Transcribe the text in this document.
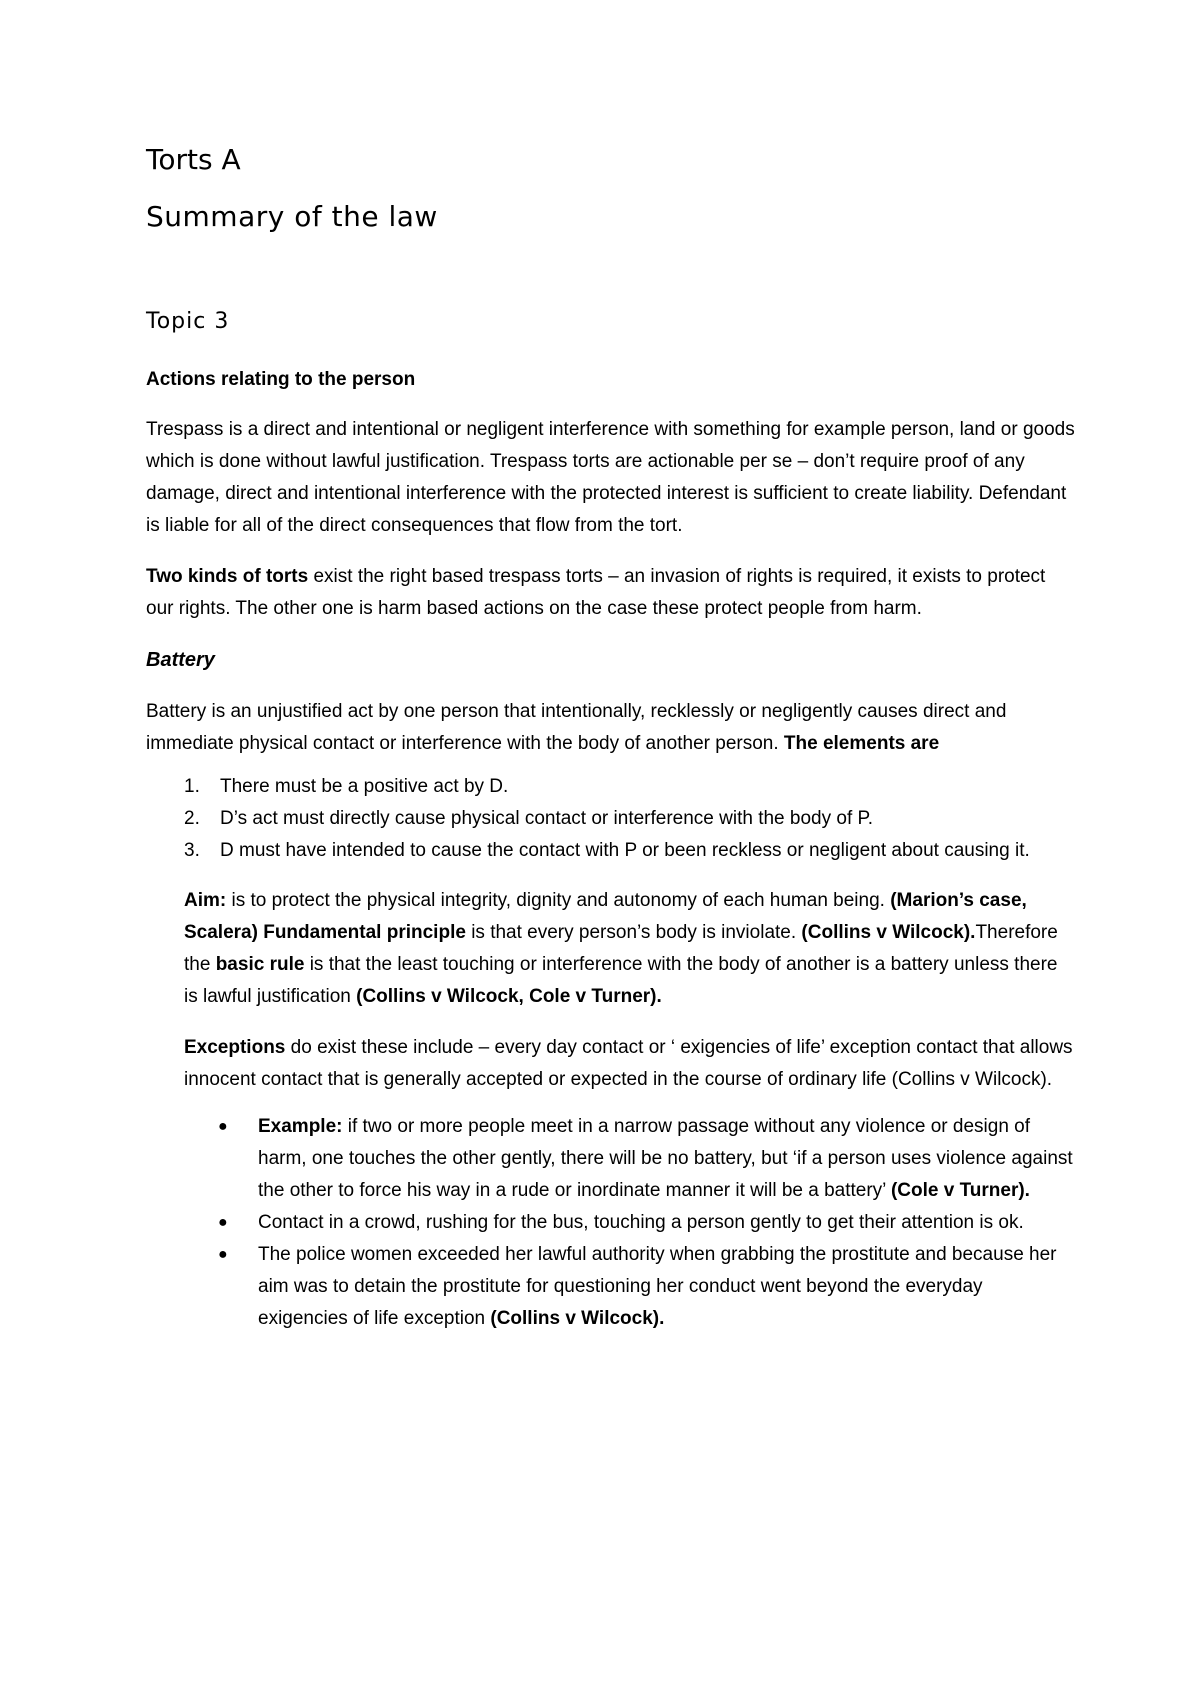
Torts A
Summary of the law
Topic 3

Actions relating to the person

Trespass is a direct and intentional or negligent interference with something for example person, land or goods which is done without lawful justification. Trespass torts are actionable per se – don’t require proof of any damage, direct and intentional interference with the protected interest is sufficient to create liability. Defendant is liable for all of the direct consequences that flow from the tort.

Two kinds of torts exist the right based trespass torts – an invasion of rights is required, it exists to protect our rights. The other one is harm based actions on the case these protect people from harm.

Battery

Battery is an unjustified act by one person that intentionally, recklessly or negligently causes direct and immediate physical contact or interference with the body of another person. The elements are

1. There must be a positive act by D.
2. D’s act must directly cause physical contact or interference with the body of P.
3. D must have intended to cause the contact with P or been reckless or negligent about causing it.

Aim: is to protect the physical integrity, dignity and autonomy of each human being. (Marion’s case, Scalera) Fundamental principle is that every person’s body is inviolate. (Collins v Wilcock).Therefore the basic rule is that the least touching or interference with the body of another is a battery unless there is lawful justification (Collins v Wilcock, Cole v Turner).

Exceptions do exist these include – every day contact or ‘ exigencies of life’ exception contact that allows innocent contact that is generally accepted or expected in the course of ordinary life (Collins v Wilcock).

● Example: if two or more people meet in a narrow passage without any violence or design of harm, one touches the other gently, there will be no battery, but ‘if a person uses violence against the other to force his way in a rude or inordinate manner it will be a battery’ (Cole v Turner).
● Contact in a crowd, rushing for the bus, touching a person gently to get their attention is ok.
● The police women exceeded her lawful authority when grabbing the prostitute and because her aim was to detain the prostitute for questioning her conduct went beyond the everyday exigencies of life exception (Collins v Wilcock).
